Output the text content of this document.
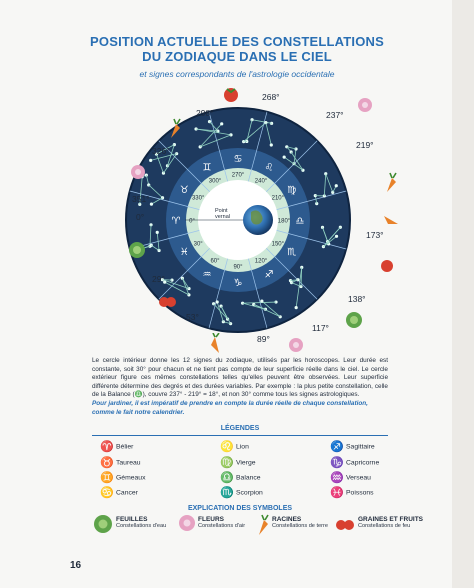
POSITION ACTUELLE DES CONSTELLATIONS
DU ZODIAQUE DANS LE CIEL
et signes correspondants de l'astrologie occidentale
♋
♌
♍
♎
♏
♐
♑
♒
♓
♈
♉
♊
270°
240°
210°
180°
150°
120°
90°
60°
30°
0°
330°
300°
Point
vernal
268°
237°
219°
173°
138°
117°
89°
53°
29°
0°
351°
326°
298°
Le cercle intérieur donne les 12 signes du zodiaque, utilisés par les horoscopes. Leur durée est constante, soit 30° pour chacun et ne tient pas compte de leur superficie réelle dans le ciel. Le cercle extérieur figure ces mêmes constellations telles qu'elles peuvent être observées. Leur superficie différente détermine des degrés et des durées variables. Par exemple : la plus petite constellation, celle de la Balance (♎), couvre 237° - 219° = 18°, et non 30° comme tous les signes astrologiques.
Pour jardiner, il est impératif de prendre en compte la durée réelle de chaque constellation, comme le fait notre calendrier.
LÉGENDES
♈ Bélier
♉ Taureau
♊ Gémeaux
♋ Cancer
♌ Lion
♍ Vierge
♎ Balance
♏ Scorpion
♐ Sagittaire
♑ Capricorne
♒ Verseau
♓ Poissons
EXPLICATION DES SYMBOLES
FEUILLES
Constellations d'eau
FLEURS
Constellations d'air
RACINES
Constellations de terre
GRAINES ET FRUITS
Constellations de feu
16
